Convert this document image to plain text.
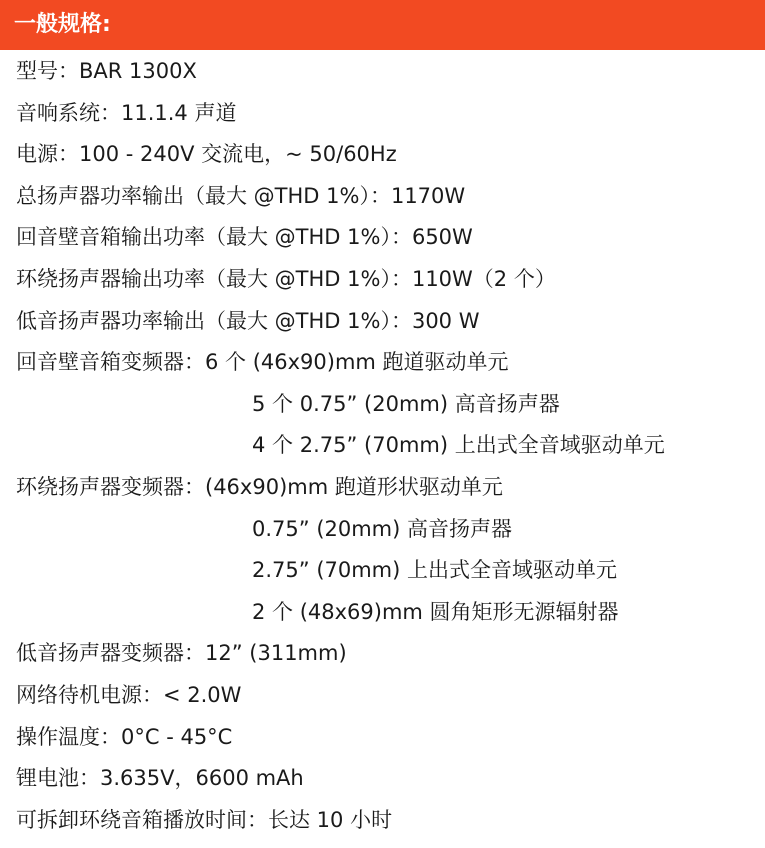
一般规格:
型号：BAR 1300X
音响系统：11.1.4 声道
电源：100 - 240V 交流电，~ 50/60Hz
总扬声器功率输出（最大 @THD 1%）：1170W
回音壁音箱输出功率（最大 @THD 1%）：650W
环绕扬声器输出功率（最大 @THD 1%）：110W（2 个）
低音扬声器功率输出（最大 @THD 1%）：300 W
回音壁音箱变频器：6 个 (46x90)mm 跑道驱动单元
5 个 0.75” (20mm) 高音扬声器
4 个 2.75” (70mm) 上出式全音域驱动单元
环绕扬声器变频器：(46x90)mm 跑道形状驱动单元
0.75” (20mm) 高音扬声器
2.75” (70mm) 上出式全音域驱动单元
2 个 (48x69)mm 圆角矩形无源辐射器
低音扬声器变频器：12” (311mm)
网络待机电源：< 2.0W
操作温度：0°C - 45°C
锂电池：3.635V，6600 mAh
可拆卸环绕音箱播放时间：长达 10 小时
